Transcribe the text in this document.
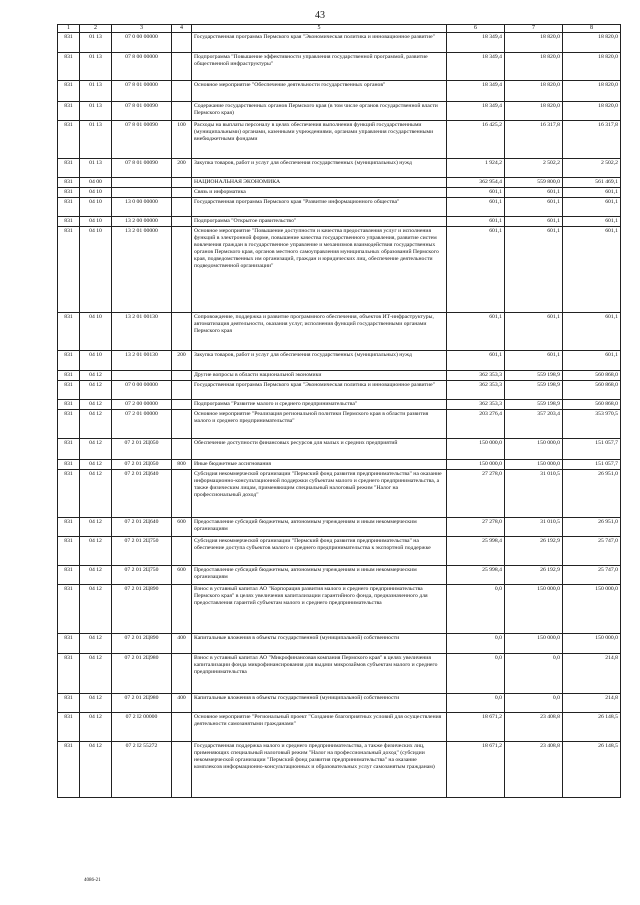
43
1	2	3	4	5	6	7	8
831	01 13	07 0 00 00000		Государственная программа Пермского края "Экономическая политика и инновационное развитие"	18 349,4	18 820,0	18 820,0
831	01 13	07 8 00 00000		Подпрограмма "Повышение эффективности управления государственной программой, развитие общественной инфраструктуры"	18 349,4	18 820,0	18 820,0
831	01 13	07 8 01 00000		Основное мероприятие "Обеспечение деятельности государственных органов"	18 349,4	18 820,0	18 820,0
831	01 13	07 8 01 00090		Содержание государственных органов Пермского края (в том числе органов государственной власти Пермского края)	18 349,4	18 820,0	18 820,0
831	01 13	07 8 01 00090	100	Расходы на выплаты персоналу в целях обеспечения выполнения функций государственными (муниципальными) органами, казенными учреждениями, органами управления государственными внебюджетными фондами	16 425,2	16 317,8	16 317,8
831	01 13	07 8 01 00090	200	Закупка товаров, работ и услуг для обеспечения государственных (муниципальных) нужд	1 924,2	2 502,2	2 502,2
831	04 00			НАЦИОНАЛЬНАЯ ЭКОНОМИКА	362 954,4	559 800,0	561 469,1
831	04 10			Связь и информатика	601,1	601,1	601,1
831	04 10	13 0 00 00000		Государственная программа Пермского края "Развитие информационного общества"	601,1	601,1	601,1
831	04 10	13 2 00 00000		Подпрограмма "Открытое правительство"	601,1	601,1	601,1
831	04 10	13 2 01 00000		Основное мероприятие "Повышение доступности и качества предоставления услуг и исполнения функций в электронной форме, повышение качества государственного управления, развитие систем вовлечения граждан в государственное управление и механизмов взаимодействия государственных органов Пермского края, органов местного самоуправления муниципальных образований Пермского края, подведомственных им организаций, граждан и юридических лиц, обеспечение деятельности подведомственной организации"	601,1	601,1	601,1
831	04 10	13 2 01 00130		Сопровождение, поддержка и развитие программного обеспечения, объектов ИТ-инфраструктуры, автоматизация деятельности, оказания услуг, исполнения функций государственными органами Пермского края	601,1	601,1	601,1
831	04 10	13 2 01 00130	200	Закупка товаров, работ и услуг для обеспечения государственных (муниципальных) нужд	601,1	601,1	601,1
831	04 12			Другие вопросы в области национальной экономики	362 353,3	559 198,9	560 868,0
831	04 12	07 0 00 00000		Государственная программа Пермского края "Экономическая политика и инновационное развитие"	362 353,3	559 198,9	560 868,0
831	04 12	07 2 00 00000		Подпрограмма "Развитие малого и среднего предпринимательства"	362 353,3	559 198,9	560 868,0
831	04 12	07 2 01 00000		Основное мероприятие "Реализация региональной политики Пермского края в области развития малого и среднего предпринимательства"	203 276,4	357 203,4	353 970,5
831	04 12	07 2 01 2Ц050		Обеспечение доступности финансовых ресурсов для малых и средних предприятий	150 000,0	150 000,0	151 057,7
831	04 12	07 2 01 2Ц050	800	Иные бюджетные ассигнования	150 000,0	150 000,0	151 057,7
831	04 12	07 2 01 2Ц640		Субсидия некоммерческой организации "Пермский фонд развития предпринимательства" на оказание информационно-консультационной поддержки субъектам малого и среднего предпринимательства, а также физическим лицам, применяющим специальный налоговый режим "Налог на профессиональный доход"	27 278,0	31 010,5	26 951,0
831	04 12	07 2 01 2Ц640	600	Предоставление субсидий бюджетным, автономным учреждениям и иным некоммерческим организациям	27 278,0	31 010,5	26 951,0
831	04 12	07 2 01 2Ц750		Субсидия некоммерческой организации "Пермский фонд развития предпринимательства" на обеспечение доступа субъектов малого и среднего предпринимательства к экспортной поддержке	25 998,4	26 192,9	25 747,0
831	04 12	07 2 01 2Ц750	600	Предоставление субсидий бюджетным, автономным учреждениям и иным некоммерческим организациям	25 998,4	26 192,9	25 747,0
831	04 12	07 2 01 2Ц890		Взнос в уставный капитал АО "Корпорация развития малого и среднего предпринимательства Пермского края" в целях увеличения капитализации гарантийного фонда, предназначенного для предоставления гарантий субъектам малого и среднего предпринимательства	0,0	150 000,0	150 000,0
831	04 12	07 2 01 2Ц890	400	Капитальные вложения в объекты государственной (муниципальной) собственности	0,0	150 000,0	150 000,0
831	04 12	07 2 01 2Ц980		Взнос в уставный капитал АО "Микрофинансовая компания Пермского края" в целях увеличения капитализации фонда микрофинансирования для выдачи микрозаймов субъектам малого и среднего предпринимательства	0,0	0,0	214,8
831	04 12	07 2 01 2Ц980	400	Капитальные вложения в объекты государственной (муниципальной) собственности	0,0	0,0	214,8
831	04 12	07 2 I2 00000		Основное мероприятие "Региональный проект "Создание благоприятных условий для осуществления деятельности самозанятыми гражданами"	18 671,2	23 408,8	26 148,5
831	04 12	07 2 I2 55272		Государственная поддержка малого и среднего предпринимательства, а также физических лиц, применяющих специальный налоговый режим "Налог на профессиональный доход" (субсидии некоммерческой организации "Пермский фонд развития предпринимательства" на оказание комплексов информационно-консультационных и образовательных услуг самозанятым гражданам)	18 671,2	23 408,8	26 148,5
4086-21
